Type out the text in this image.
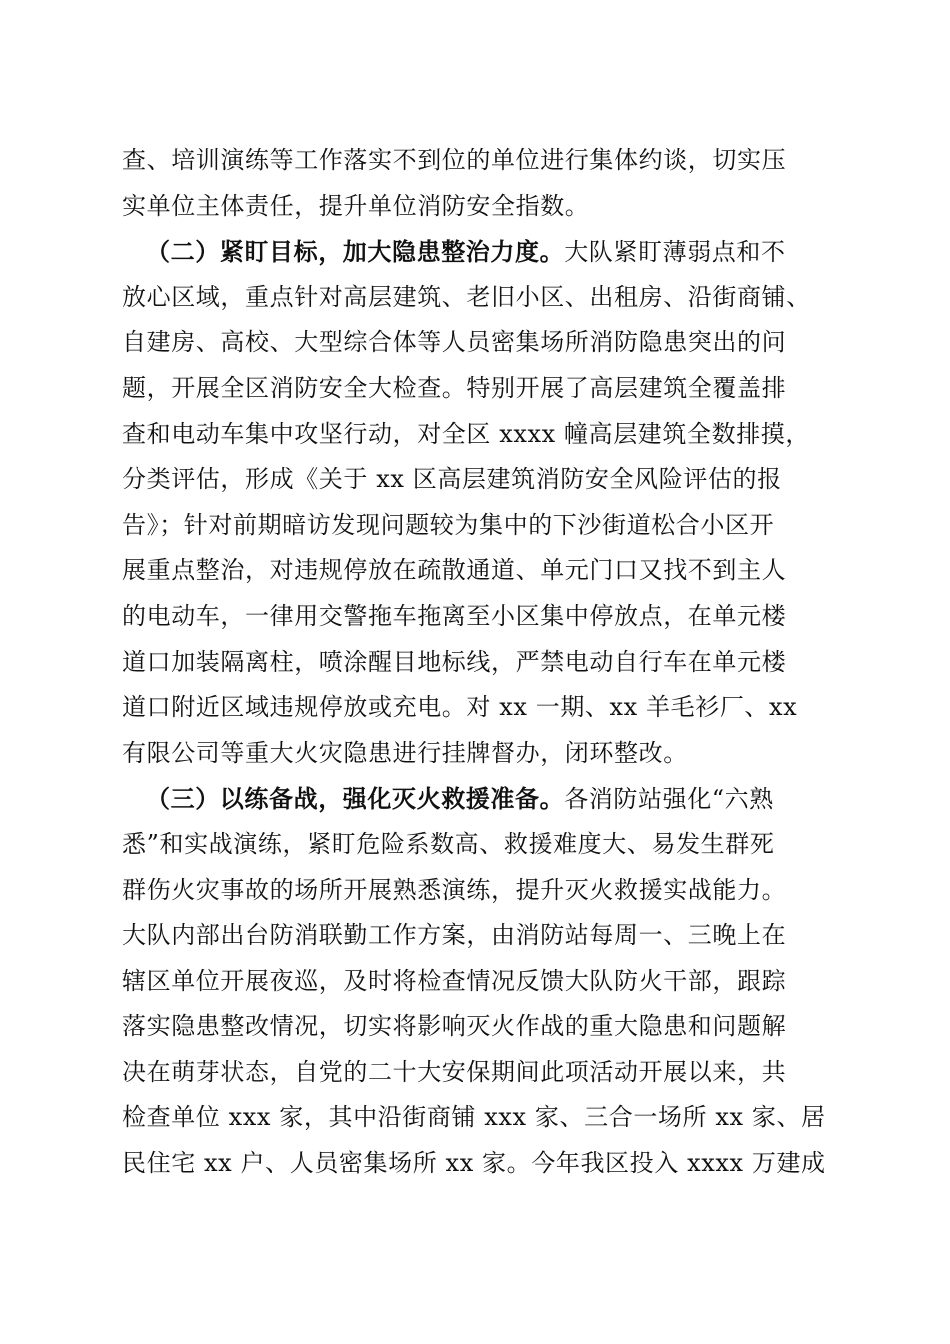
查、培训演练等工作落实不到位的单位进行集体约谈，切实压
实单位主体责任，提升单位消防安全指数。
（二）紧盯目标，加大隐患整治力度。大队紧盯薄弱点和不
放心区域，重点针对高层建筑、老旧小区、出租房、沿街商铺、
自建房、高校、大型综合体等人员密集场所消防隐患突出的问
题，开展全区消防安全大检查。特别开展了高层建筑全覆盖排
查和电动车集中攻坚行动，对全区 xxxx 幢高层建筑全数排摸，
分类评估，形成《关于 xx 区高层建筑消防安全风险评估的报
告》；针对前期暗访发现问题较为集中的下沙街道松合小区开
展重点整治，对违规停放在疏散通道、单元门口又找不到主人
的电动车，一律用交警拖车拖离至小区集中停放点，在单元楼
道口加装隔离柱，喷涂醒目地标线，严禁电动自行车在单元楼
道口附近区域违规停放或充电。对 xx 一期、xx 羊毛衫厂、xx
有限公司等重大火灾隐患进行挂牌督办，闭环整改。
（三）以练备战，强化灭火救援准备。各消防站强化“六熟
悉”和实战演练，紧盯危险系数高、救援难度大、易发生群死
群伤火灾事故的场所开展熟悉演练，提升灭火救援实战能力。
大队内部出台防消联勤工作方案，由消防站每周一、三晚上在
辖区单位开展夜巡，及时将检查情况反馈大队防火干部，跟踪
落实隐患整改情况，切实将影响灭火作战的重大隐患和问题解
决在萌芽状态，自党的二十大安保期间此项活动开展以来，共
检查单位 xxx 家，其中沿街商铺 xxx 家、三合一场所 xx 家、居
民住宅 xx 户、人员密集场所 xx 家。今年我区投入 xxxx 万建成
